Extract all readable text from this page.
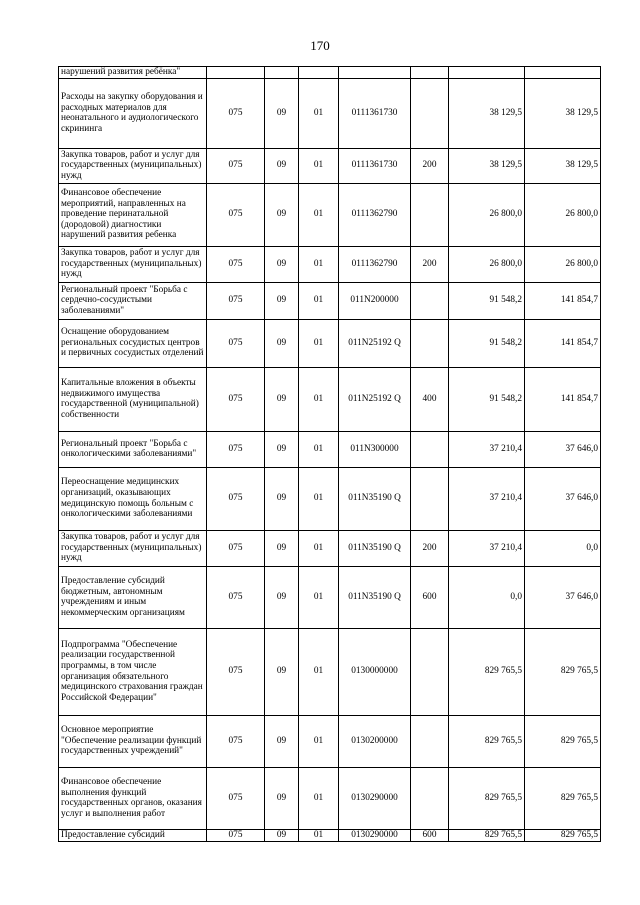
170
нарушений развития ребёнка"							
Расходы на закупку оборудования и расходных материалов для неонатального и аудиологического скрининга	075	09	01	0111361730		38 129,5	38 129,5
Закупка товаров, работ и услуг для государственных (муниципальных) нужд	075	09	01	0111361730	200	38 129,5	38 129,5
Финансовое обеспечение мероприятий, направленных на проведение перинатальной (дородовой) диагностики нарушений развития ребенка	075	09	01	0111362790		26 800,0	26 800,0
Закупка товаров, работ и услуг для государственных (муниципальных) нужд	075	09	01	0111362790	200	26 800,0	26 800,0
Региональный проект "Борьба с сердечно-сосудистыми заболеваниями"	075	09	01	011N200000		91 548,2	141 854,7
Оснащение оборудованием региональных сосудистых центров и первичных сосудистых отделений	075	09	01	011N25192 Q		91 548,2	141 854,7
Капитальные вложения в объекты недвижимого имущества государственной (муниципальной) собственности	075	09	01	011N25192 Q	400	91 548,2	141 854,7
Региональный проект "Борьба с онкологическими заболеваниями"	075	09	01	011N300000		37 210,4	37 646,0
Переоснащение медицинских организаций, оказывающих медицинскую помощь больным с онкологическими заболеваниями	075	09	01	011N35190 Q		37 210,4	37 646,0
Закупка товаров, работ и услуг для государственных (муниципальных) нужд	075	09	01	011N35190 Q	200	37 210,4	0,0
Предоставление субсидий бюджетным, автономным учреждениям и иным некоммерческим организациям	075	09	01	011N35190 Q	600	0,0	37 646,0
Подпрограмма "Обеспечение реализации государственной программы, в том числе организация обязательного медицинского страхования граждан Российской Федерации"	075	09	01	0130000000		829 765,5	829 765,5
Основное мероприятие "Обеспечение реализации функций государственных учреждений"	075	09	01	0130200000		829 765,5	829 765,5
Финансовое обеспечение выполнения функций государственных органов, оказания услуг и выполнения работ	075	09	01	0130290000		829 765,5	829 765,5
Предоставление субсидий	075	09	01	0130290000	600	829 765,5	829 765,5
